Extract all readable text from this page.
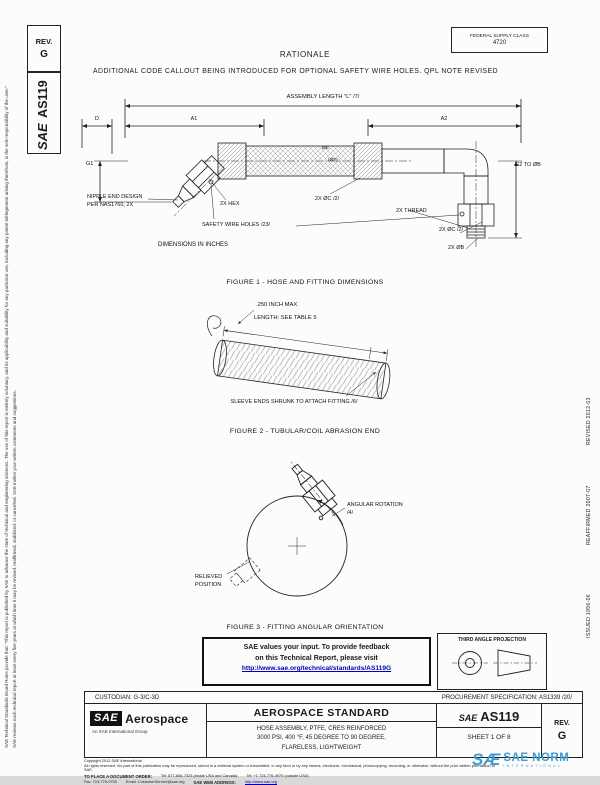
SAE Technical Standards Board Rules provide that: "This report is published by SAE to advance the state of technical and engineering sciences. The use of this report is entirely voluntary, and its applicability and suitability for any particular use, including any patent infringement arising therefrom, is the sole responsibility of the user." SAE reviews each technical report at least every five years at which time it may be revised, reaffirmed, stabilized, or cancelled. SAE invites your written comments and suggestions.	REVISED 2012-03
REAFFIRMED 2007-07
ISSUED 1956-06
REV.
G
SAE AS119
FEDERAL SUPPLY CLASS
4720
RATIONALE
ADDITIONAL CODE CALLOUT BEING INTRODUCED FOR OPTIONAL SAFETY WIRE HOLES. QPL NOTE REVISED
ASSEMBLY LENGTH "L" /7/
D	A1	A2
G1	G2 TO ØB
ØE
(ØF)
2X HEX
SAFETY WIRE HOLES /23/
NIPPLE END DESIGN PER NAS1760, 2X
2X ØC /2/
2X THREAD
2X ØC /2/
2X ØB
DIMENSIONS IN INCHES
FIGURE 1 - HOSE AND FITTING DIMENSIONS
.250 INCH MAX
LENGTH: SEE TABLE 5
SLEEVE ENDS SHRUNK TO ATTACH FITTING /6/
FIGURE 2 - TUBULAR/COIL ABRASION END
ANGULAR ROTATION /4/
RELIEVED POSITION
FIGURE 3 - FITTING ANGULAR ORIENTATION
SAE values your input. To provide feedback
on this Technical Report, please visit
http://www.sae.org/technical/standards/AS119G
THIRD ANGLE PROJECTION
CUSTODIAN: G-3/C-3D	PROCUREMENT SPECIFICATION: AS1339 /20/
SAE Aerospace
An SAE International Group
AEROSPACE STANDARD
HOSE ASSEMBLY, PTFE, CRES REINFORCED
3000 PSI, 400 °F, 45 DEGREE TO 90 DEGREE,
FLARELESS, LIGHTWEIGHT
SAE AS119
SHEET 1 OF 8
REV.
G
Copyright 2012 SAE International
All rights reserved. No part of this publication may be reproduced, stored in a retrieval system or transmitted, in any form or by any means, electronic, mechanical, photocopying, recording, or otherwise, without the prior written permission of SAE.
TO PLACE A DOCUMENT ORDER: Tel: 877-606-7323 (inside USA and Canada) Tel: +1 724-776-4970 (outside USA)
Fax: 724-776-0790 Email: CustomerService@sae.org SAE WEB ADDRESS: http://www.sae.org
SÆ SAE NORM
INTERNATIONAL
